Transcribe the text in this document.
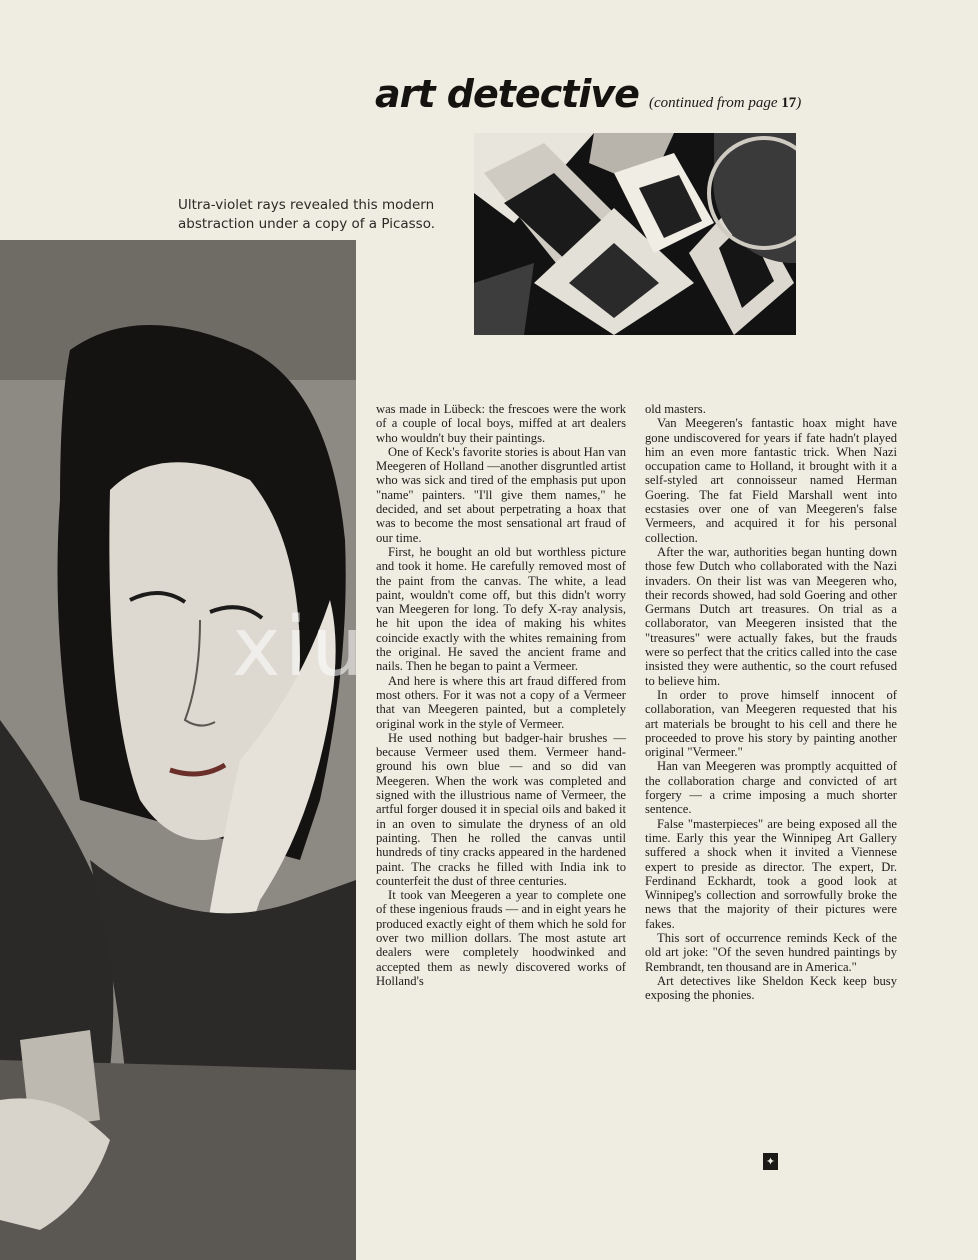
art detective (continued from page 17)
Ultra-violet rays revealed this modern abstraction under a copy of a Picasso.

was made in Lübeck: the frescoes were the work of a couple of local boys, miffed at art dealers who wouldn't buy their paintings.

One of Keck's favorite stories is about Han van Meegeren of Holland —another disgruntled artist who was sick and tired of the emphasis put upon "name" painters. "I'll give them names," he decided, and set about perpetrating a hoax that was to become the most sensational art fraud of our time.

First, he bought an old but worthless picture and took it home. He carefully removed most of the paint from the canvas. The white, a lead paint, wouldn't come off, but this didn't worry van Meegeren for long. To defy X-ray analysis, he hit upon the idea of making his whites coincide exactly with the whites remaining from the original. He saved the ancient frame and nails. Then he began to paint a Vermeer.

And here is where this art fraud differed from most others. For it was not a copy of a Vermeer that van Meegeren painted, but a completely original work in the style of Vermeer.

He used nothing but badger-hair brushes — because Vermeer used them. Vermeer hand-ground his own blue — and so did van Meegeren. When the work was completed and signed with the illustrious name of Vermeer, the artful forger doused it in special oils and baked it in an oven to simulate the dryness of an old painting. Then he rolled the canvas until hundreds of tiny cracks appeared in the hardened paint. The cracks he filled with India ink to counterfeit the dust of three centuries.

It took van Meegeren a year to complete one of these ingenious frauds — and in eight years he produced exactly eight of them which he sold for over two million dollars. The most astute art dealers were completely hoodwinked and accepted them as newly discovered works of Holland's

old masters.

Van Meegeren's fantastic hoax might have gone undiscovered for years if fate hadn't played him an even more fantastic trick. When Nazi occupation came to Holland, it brought with it a self-styled art connoisseur named Herman Goering. The fat Field Marshall went into ecstasies over one of van Meegeren's false Vermeers, and acquired it for his personal collection.

After the war, authorities began hunting down those few Dutch who collaborated with the Nazi invaders. On their list was van Meegeren who, their records showed, had sold Goering and other Germans Dutch art treasures. On trial as a collaborator, van Meegeren insisted that the "treasures" were actually fakes, but the frauds were so perfect that the critics called into the case insisted they were authentic, so the court refused to believe him.

In order to prove himself innocent of collaboration, van Meegeren requested that his art materials be brought to his cell and there he proceeded to prove his story by painting another original "Vermeer."

Han van Meegeren was promptly acquitted of the collaboration charge and convicted of art forgery — a crime imposing a much shorter sentence.

False "masterpieces" are being exposed all the time. Early this year the Winnipeg Art Gallery suffered a shock when it invited a Viennese expert to preside as director. The expert, Dr. Ferdinand Eckhardt, took a good look at Winnipeg's collection and sorrowfully broke the news that the majority of their pictures were fakes.

This sort of occurrence reminds Keck of the old art joke: "Of the seven hundred paintings by Rembrandt, ten thousand are in America."

Art detectives like Sheldon Keck keep busy exposing the phonies.

✦
xiu
